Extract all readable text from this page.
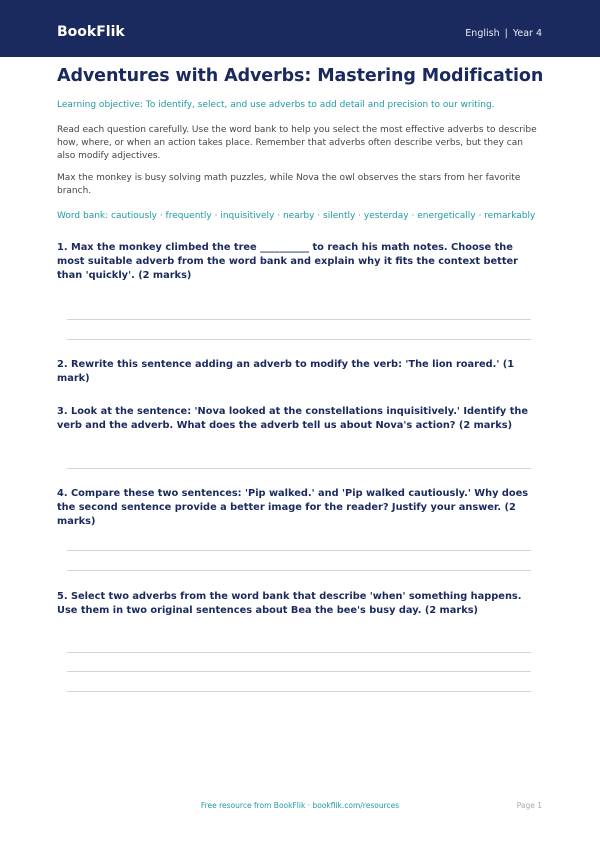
BookFlik	English | Year 4
Adventures with Adverbs: Mastering Modification
Learning objective: To identify, select, and use adverbs to add detail and precision to our writing.
Read each question carefully. Use the word bank to help you select the most effective adverbs to describe how, where, or when an action takes place. Remember that adverbs often describe verbs, but they can also modify adjectives.
Max the monkey is busy solving math puzzles, while Nova the owl observes the stars from her favorite branch.
Word bank: cautiously · frequently · inquisitively · nearby · silently · yesterday · energetically · remarkably
1. Max the monkey climbed the tree __________ to reach his math notes. Choose the most suitable adverb from the word bank and explain why it fits the context better than 'quickly'. (2 marks)
2. Rewrite this sentence adding an adverb to modify the verb: 'The lion roared.' (1 mark)
3. Look at the sentence: 'Nova looked at the constellations inquisitively.' Identify the verb and the adverb. What does the adverb tell us about Nova's action? (2 marks)
4. Compare these two sentences: 'Pip walked.' and 'Pip walked cautiously.' Why does the second sentence provide a better image for the reader? Justify your answer. (2 marks)
5. Select two adverbs from the word bank that describe 'when' something happens. Use them in two original sentences about Bea the bee's busy day. (2 marks)
Free resource from BookFlik · bookflik.com/resources	Page 1
